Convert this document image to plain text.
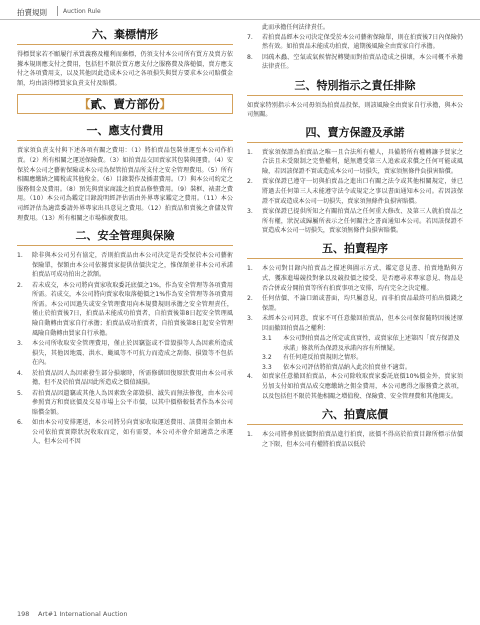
拍賣規則	Auction Rule
六、棄標情形

得標買家若不願履行承買義務及權利而棄標，仍須支付本公司所有買方及賣方依據本規則應支付之費用，包括但不限於買方應支付之服務費及落槌價，賣方應支付之各項費用支，以及其他因此造成本公司之各項損失與買方要求本公司賠償金額，均由該得標買家負責支付及賠償。

【貳、賣方部份】
一、應支付費用

賣家須負責支付與下述各項有關之費用：（1）將拍賣品包裝並運至本公司作拍賣。（2）所有相關之運送保險費。（3）如拍賣品交回賣家其包裝與運費。（4）安保於本公司之藝術保險或本公司為保管拍賣品所支付之安全管理費用。（5）所有相關應繳納之關稅或其他稅金。（6）目錄製作及插畫費用。（7）與本公司約定之服務佣金及費用。（8）預先與賣家商議之拍賣品修整費用。（9）裝框、裱畫之費用。（10）本公司為鑑定目錄說明經評估需由外界專家鑑定之費用。（11）本公司經評估為適當委請外界專家出具意見之費用。（12）拍賣品和賣後之倉儲及管理費用。（13）所有相關之市場推廣費用。

二、安全管理與保險
1. 除非與本公司另有協定，否則拍賣品由本公司決定是否受保於本公司藝術保險單，保額由本公司依據賣家提供估價決定之，惟保額並非本公司承諾拍賣品可成功拍出之款額。
2. 若未成交，本公司將向賣家收取委託底價之1%，作為安全管理等各項費用所需。若成交，本公司將向賣家收取落槌價之1%作為安全管理等各項費用所需。本公司因過失或安全管理費用向本規費規則承擔之安全管理責任，僅止於拍賣後7日，拍賣品未能成功拍賣者，自拍賣後第8日起安全管理風險自動轉由賣家自行承擔；拍賣品成功拍賣者，自拍賣後第8日起安全管理風險自動轉由買家自行承擔。
3. 本公司所收取安全管理費用，僅止於因竊盜或不當毀損等人為因素所造成損失，其他因地震、洪水、颱風等不可抗力而造成之刮傷、損毀等不包括在內。
4. 於拍賣品因人為因素發生部分損壞時，所需修繕回復原狀費用由本公司承擔，但不及於拍賣品因此所造成之價值減損。
5. 若拍賣品因遺竊或其他人為因素致全部毀損、滅失而無法修復，由本公司參照賣方和賣底價及交易市場上公平市價，以其中價格較低者作為本公司賠償金額。
6. 如由本公司安排運送，本公司將另向賣家收取運送費用、該費用金額由本公司依拍賣實際狀況收取而定，如有需要，本公司亦會介紹適當之承運人，但本公司不因

此而承擔任何法律責任。

7. 若拍賣品經本公司決定保受於本公司藝術保險單，則在拍賣後7日內保險仍然有效。如拍賣品未能成功拍賣，逾期後風險全由賣家自行承擔。
8. 因疏木蟲、空氣或氣候情況轉變而對拍賣品造成之損壞，本公司概不承擔法律責任。
三、特別指示之責任排除

如賣家特別指示本公司毋須為拍賣品投保，則該風險全由賣家自行承擔，與本公司無關。

四、賣方保證及承諾
1. 賣家須保證為拍賣品之唯一且合法所有權人，具備將所有權轉讓予買家之合法且未受限制之完整權利，絕無遭受第三人追索或求償之任何可能或風險，若因該保證不實或造成本公司一切損失，賣家須無條件負損害賠償。
2. 賣家保證已遵守一切與拍賣品之進出口有關之法令或其他相關規定，並已將過去任何第三人未能遵守法令或規定之事以書面通知本公司。若因該保證不實或造成本公司一切損失，賣家須無條件負損害賠償。
3. 賣家保證已提供所知之有關拍賣品之任何重大修改、及第三人就拍賣品之所有權，狀況或歸屬所表示之任何關注之書面通知本公司。若因該保證不實造成本公司一切損失，賣家須無條件負損害賠償。
五、拍賣程序
1. 本公司對目錄內拍賣品之描述與圖示方式、鑑定意見書、拍賣地點與方式、獲准進場競投對象以及競投價之接受、是否應尋求專家意見、物品是否合併或分開拍賣等所有拍賣事項之安排，均有完全之決定權。
2. 任何估價、不論口頭或書面，均只屬意見，而非拍賣品最終可拍出價錢之保證。
3. 未經本公司同意，賣家不可任意撤回拍賣品，但本公司保留隨時因後述原因而撤回拍賣品之權利：
3.1 本公司對拍賣品之所定或真實性，或賣家依上述第四「賣方保證及承諾」條款所為保證及承諾內容有所懷疑。
3.2 有任何違反拍賣規則之情形。
3.3 依本公司評估將拍賣品納入此次拍賣並不適當。
4. 如賣家任意撤回拍賣品，本公司除收取賣家委託底價10%價金外，賣家須另加支付如拍賣品成交應繳納之佣金費用，本公司應得之服務費之款項，以及包括但不限於其他相關之增值稅、保險費、安全管理費和其他開支。
六、拍賣底價
1. 本公司將參照底價對拍賣品進行拍賣，底價不得高於拍賣目錄所標示估價之下限，但本公司有權將拍賣品以低於
198 Art#1 International Auction
